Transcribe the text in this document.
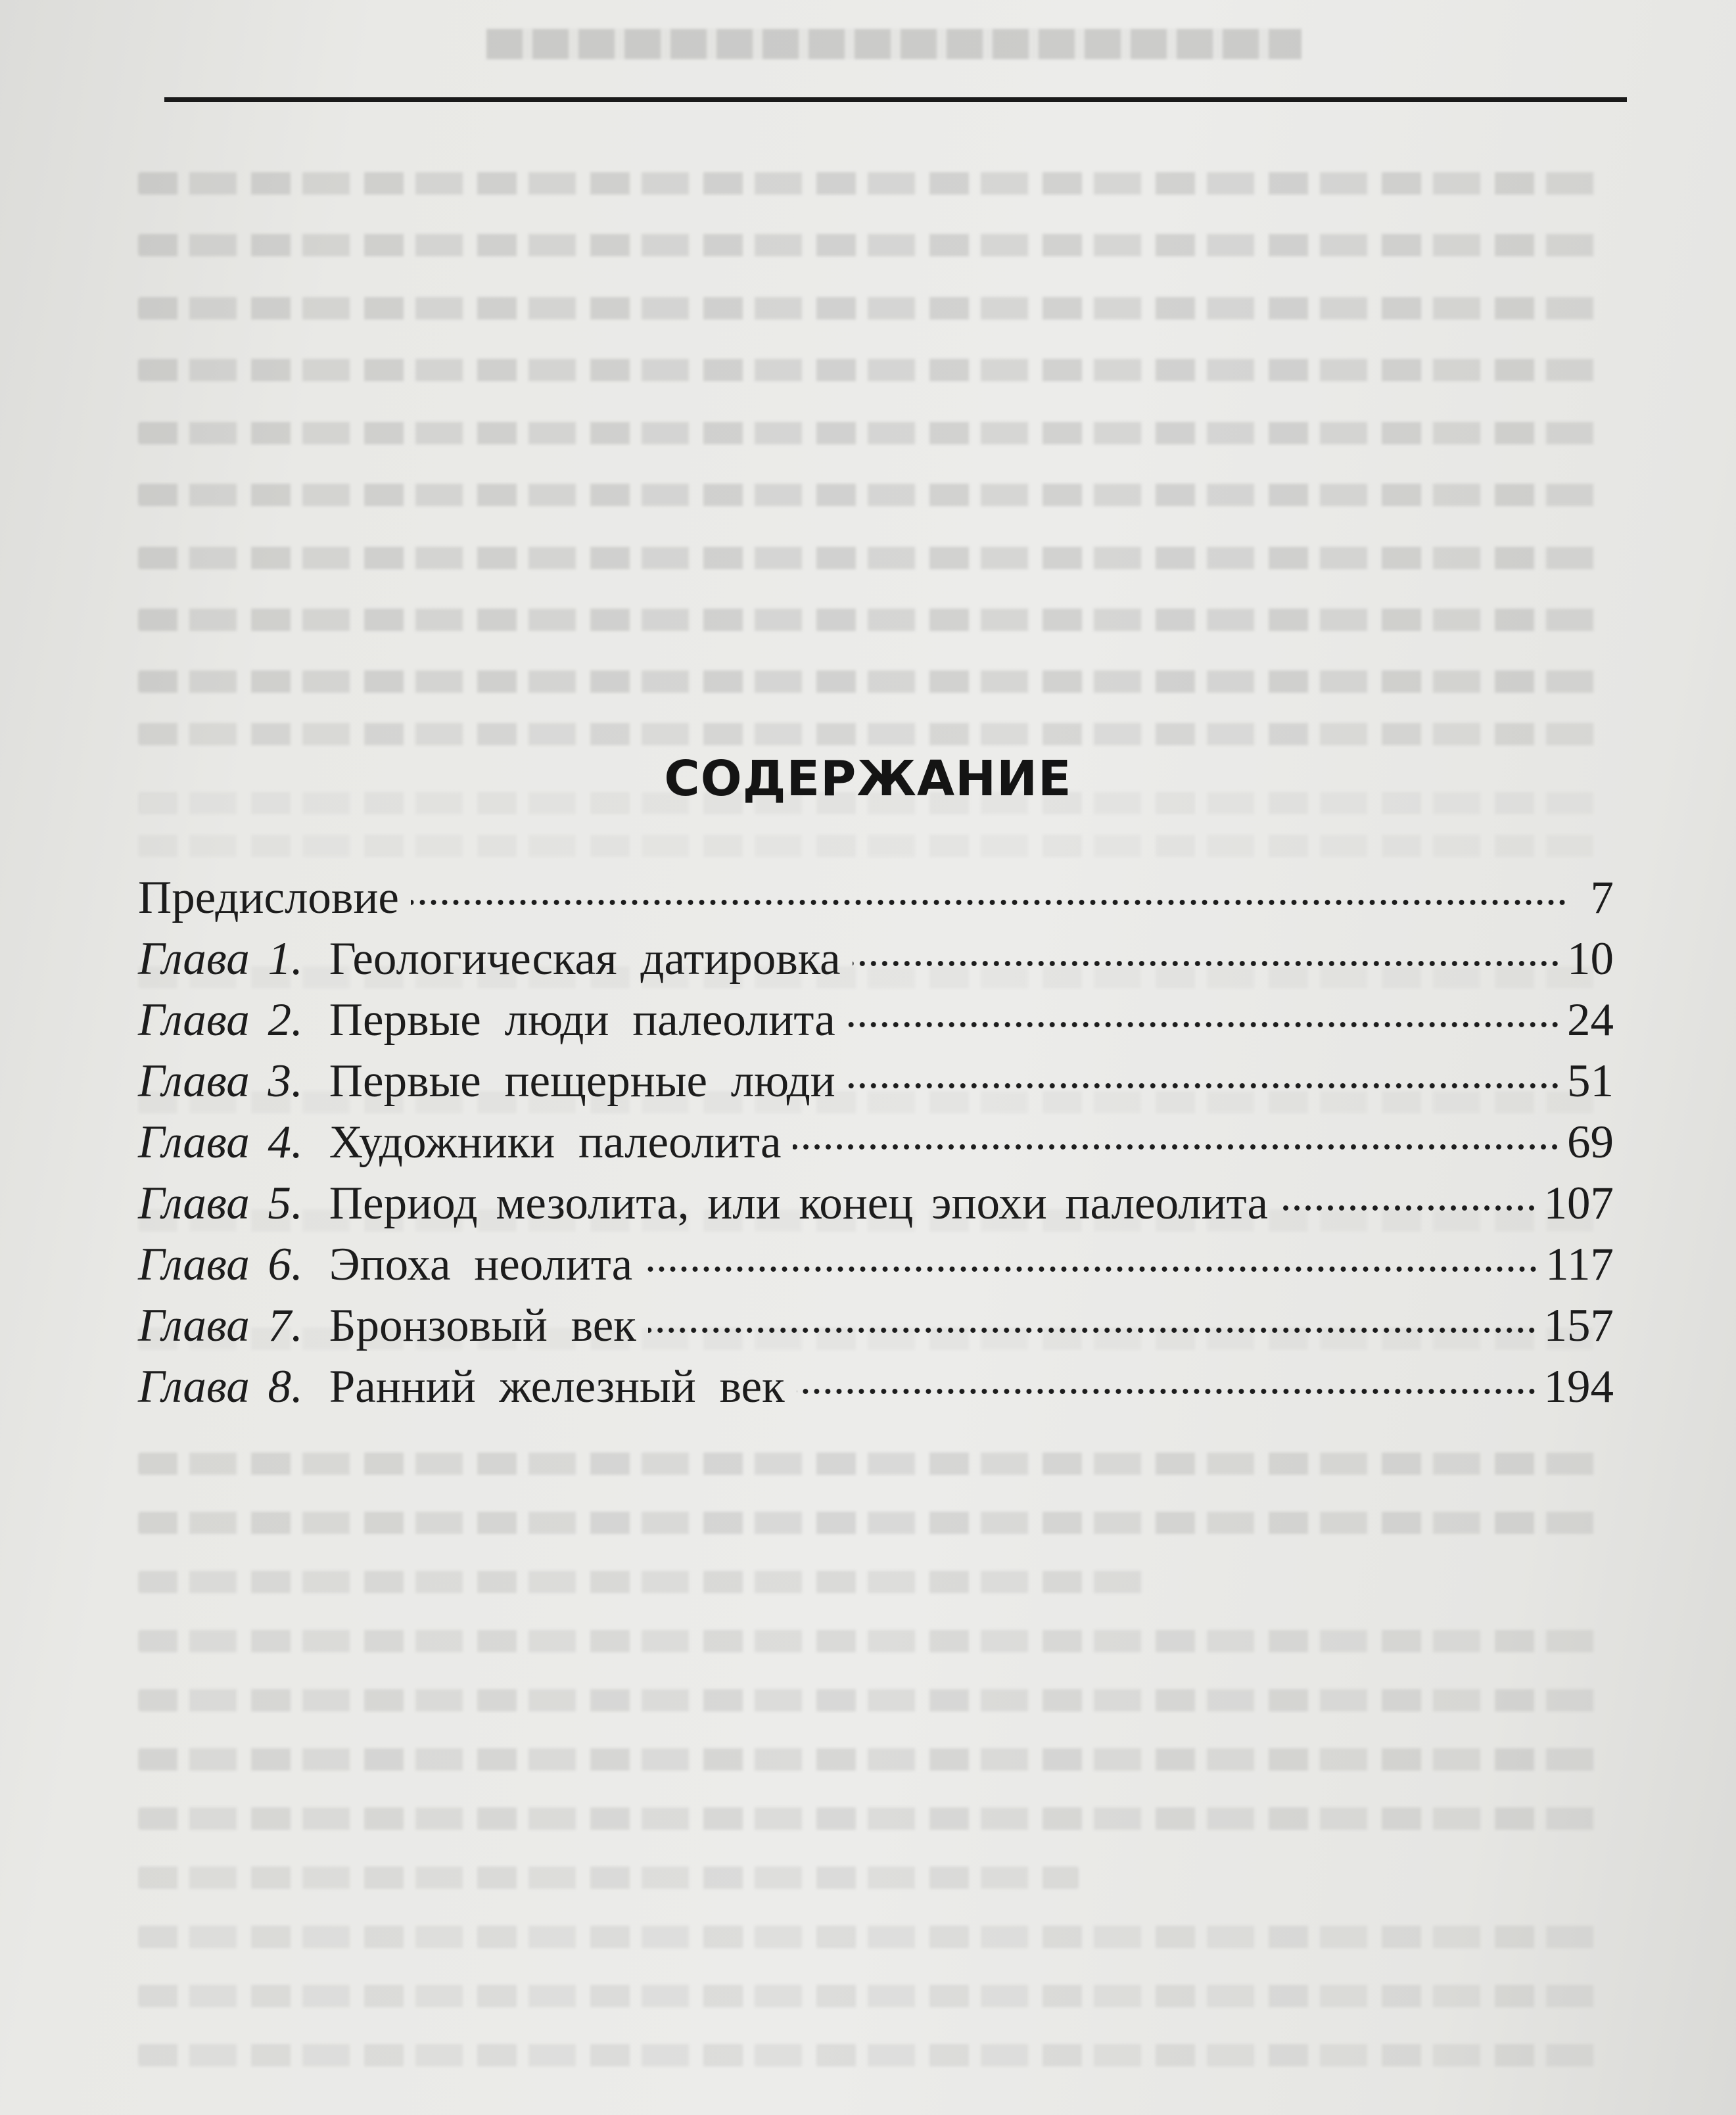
СОДЕРЖАНИЕ
Предисловие	7
Глава 1. Геологическая датировка	10
Глава 2. Первые люди палеолита	24
Глава 3. Первые пещерные люди	51
Глава 4. Художники палеолита	69
Глава 5. Период мезолита, или конец эпохи палеолита	107
Глава 6. Эпоха неолита	117
Глава 7. Бронзовый век	157
Глава 8. Ранний железный век	194
